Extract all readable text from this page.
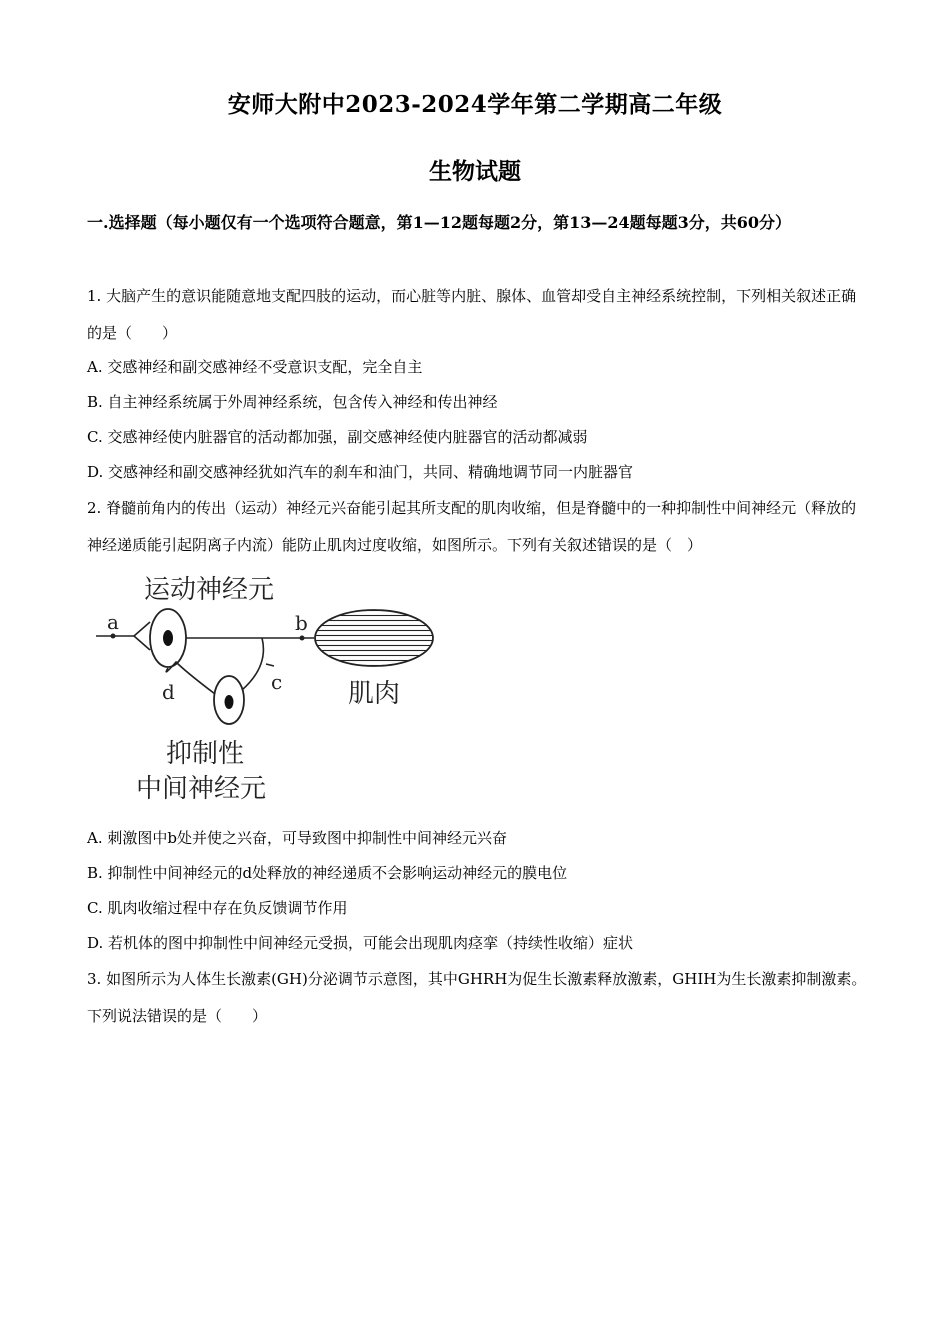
安师大附中2023-2024学年第二学期高二年级
生物试题
一.选择题（每小题仅有一个选项符合题意，第1—12题每题2分，第13—24题每题3分，共60分）
1. 大脑产生的意识能随意地支配四肢的运动，而心脏等内脏、腺体、血管却受自主神经系统控制，下列相关叙述正确的是（　　）
A. 交感神经和副交感神经不受意识支配，完全自主
B. 自主神经系统属于外周神经系统，包含传入神经和传出神经
C. 交感神经使内脏器官的活动都加强，副交感神经使内脏器官的活动都减弱
D. 交感神经和副交感神经犹如汽车的刹车和油门，共同、精确地调节同一内脏器官
2. 脊髓前角内的传出（运动）神经元兴奋能引起其所支配的肌肉收缩，但是脊髓中的一种抑制性中间神经元（释放的神经递质能引起阴离子内流）能防止肌肉过度收缩，如图所示。下列有关叙述错误的是（　）
运动神经元
a	b
肌肉
c
d
抑制性
中间神经元
A. 刺激图中b处并使之兴奋，可导致图中抑制性中间神经元兴奋
B. 抑制性中间神经元的d处释放的神经递质不会影响运动神经元的膜电位
C. 肌肉收缩过程中存在负反馈调节作用
D. 若机体的图中抑制性中间神经元受损，可能会出现肌肉痉挛（持续性收缩）症状
3. 如图所示为人体生长激素(GH)分泌调节示意图，其中GHRH为促生长激素释放激素，GHIH为生长激素抑制激素。下列说法错误的是（　　）
